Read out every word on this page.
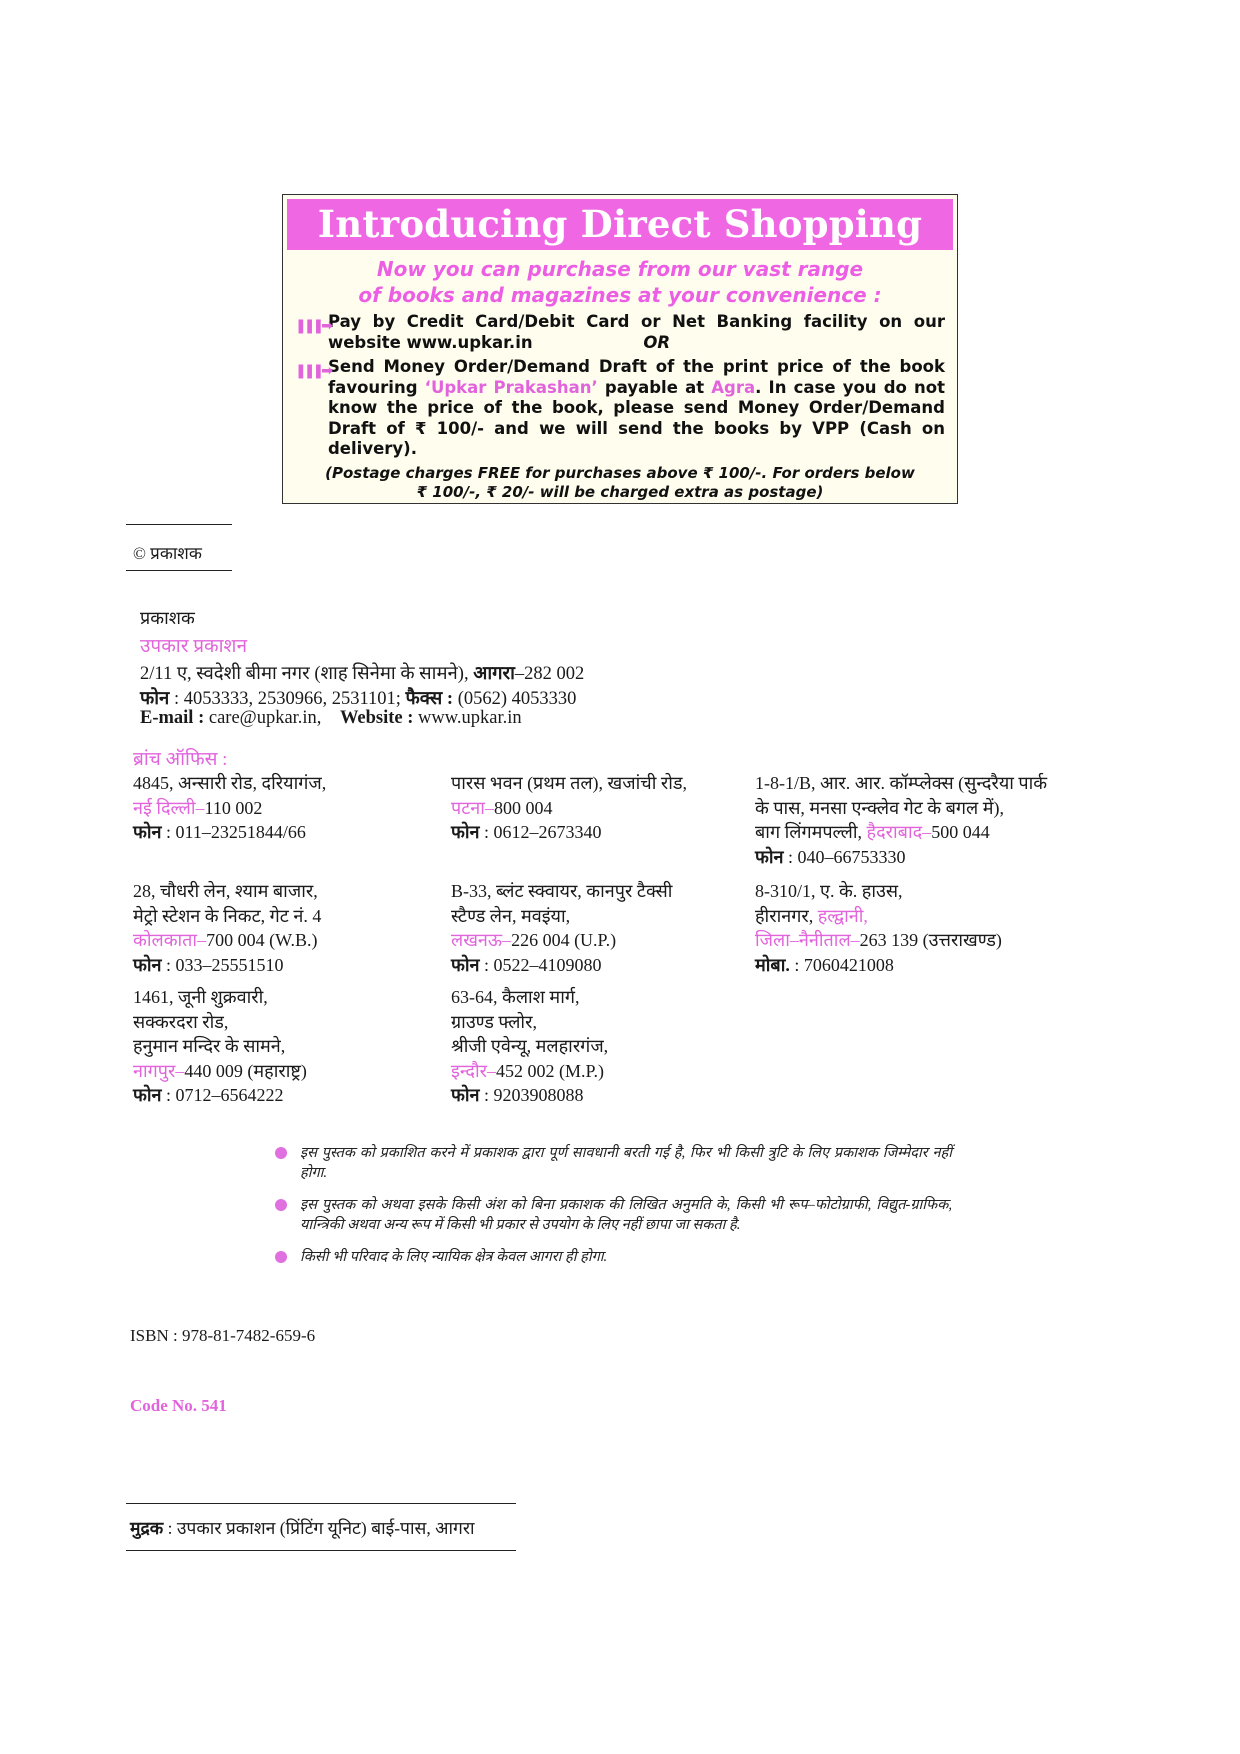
Introducing Direct Shopping
Now you can purchase from our vast range
of books and magazines at your convenience :
❚❚❚➡
Pay by Credit Card/Debit Card or Net Banking facility on our website www.upkar.in	OR
❚❚❚➡
Send Money Order/Demand Draft of the print price of the book favouring ‘Upkar Prakashan’ payable at Agra. In case you do not know the price of the book, please send Money Order/Demand Draft of ₹ 100/- and we will send the books by VPP (Cash on delivery).
(Postage charges FREE for purchases above ₹ 100/-. For orders below
₹ 100/-, ₹ 20/- will be charged extra as postage)
© प्रकाशक
प्रकाशक
उपकार प्रकाशन
2/11 ए, स्वदेशी बीमा नगर (शाह सिनेमा के सामने), आगरा–282 002
फोन : 4053333, 2530966, 2531101; फैक्स : (0562) 4053330
E-mail : care@upkar.in, Website : www.upkar.in
ब्रांच ऑफिस :
4845, अन्सारी रोड, दरियागंज,
नई दिल्ली–110 002
फोन : 011–23251844/66
पारस भवन (प्रथम तल), खजांची रोड,
पटना–800 004
फोन : 0612–2673340
1-8-1/B, आर. आर. कॉम्प्लेक्स (सुन्दरैया पार्क
के पास, मनसा एन्क्लेव गेट के बगल में),
बाग लिंगमपल्ली, हैदराबाद–500 044
फोन : 040–66753330
28, चौधरी लेन, श्याम बाजार,
मेट्रो स्टेशन के निकट, गेट नं. 4
कोलकाता–700 004 (W.B.)
फोन : 033–25551510
B-33, ब्लंट स्क्वायर, कानपुर टैक्सी
स्टैण्ड लेन, मवइंया,
लखनऊ–226 004 (U.P.)
फोन : 0522–4109080
8-310/1, ए. के. हाउस,
हीरानगर, हल्द्वानी,
जिला–नैनीताल–263 139 (उत्तराखण्ड)
मोबा. : 7060421008
1461, जूनी शुक्रवारी,
सक्करदरा रोड,
हनुमान मन्दिर के सामने,
नागपुर–440 009 (महाराष्ट्र)
फोन : 0712–6564222
63-64, कैलाश मार्ग,
ग्राउण्ड फ्लोर,
श्रीजी एवेन्यू, मलहारगंज,
इन्दौर–452 002 (M.P.)
फोन : 9203908088
इस पुस्तक को प्रकाशित करने में प्रकाशक द्वारा पूर्ण सावधानी बरती गई है, फिर भी किसी त्रुटि के लिए प्रकाशक जिम्मेदार नहीं होगा.
इस पुस्तक को अथवा इसके किसी अंश को बिना प्रकाशक की लिखित अनुमति के, किसी भी रूप–फोटोग्राफी, विद्युत-ग्राफिक, यान्त्रिकी अथवा अन्य रूप में किसी भी प्रकार से उपयोग के लिए नहीं छापा जा सकता है.
किसी भी परिवाद के लिए न्यायिक क्षेत्र केवल आगरा ही होगा.
ISBN : 978-81-7482-659-6
Code No. 541
मुद्रक : उपकार प्रकाशन (प्रिंटिंग यूनिट) बाई-पास, आगरा
